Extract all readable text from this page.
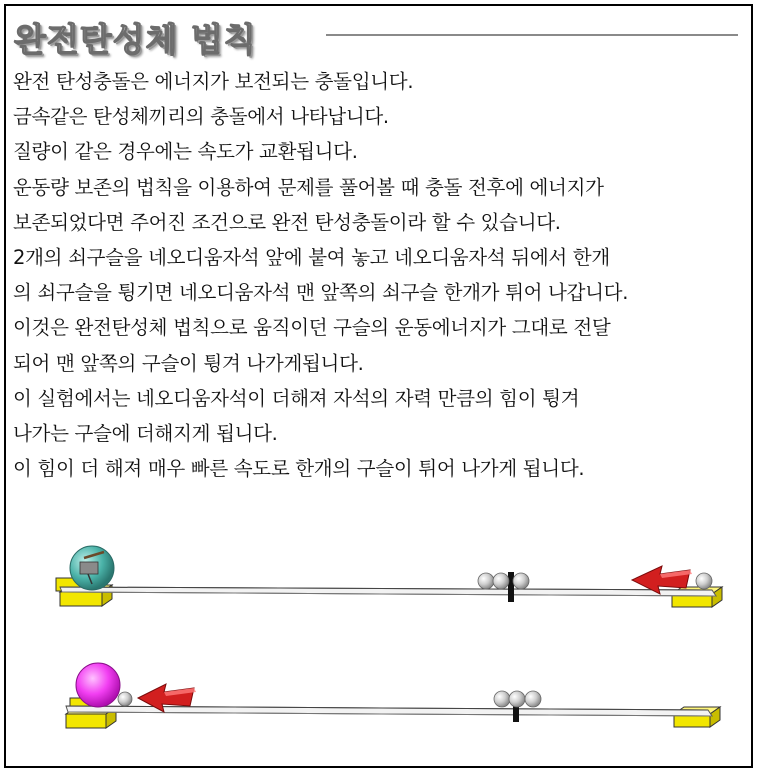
완전탄성체 법칙
완전 탄성충돌은 에너지가 보전되는 충돌입니다.
금속같은 탄성체끼리의 충돌에서 나타납니다.
질량이 같은 경우에는 속도가 교환됩니다.
운동량 보존의 법칙을 이용하여 문제를 풀어볼 때 충돌 전후에 에너지가
보존되었다면 주어진 조건으로 완전 탄성충돌이라 할 수 있습니다.
2개의 쇠구슬을 네오디움자석 앞에 붙여 놓고 네오디움자석 뒤에서 한개
의 쇠구슬을 튕기면 네오디움자석 맨 앞쪽의 쇠구슬 한개가 튀어 나갑니다.
이것은 완전탄성체 법칙으로 움직이던 구슬의 운동에너지가 그대로 전달
되어 맨 앞쪽의 구슬이 튕겨 나가게됩니다.
이 실험에서는 네오디움자석이 더해져 자석의 자력 만큼의 힘이 튕겨
나가는 구슬에 더해지게 됩니다.
이 힘이 더 해져 매우 빠른 속도로 한개의 구슬이 튀어 나가게 됩니다.
